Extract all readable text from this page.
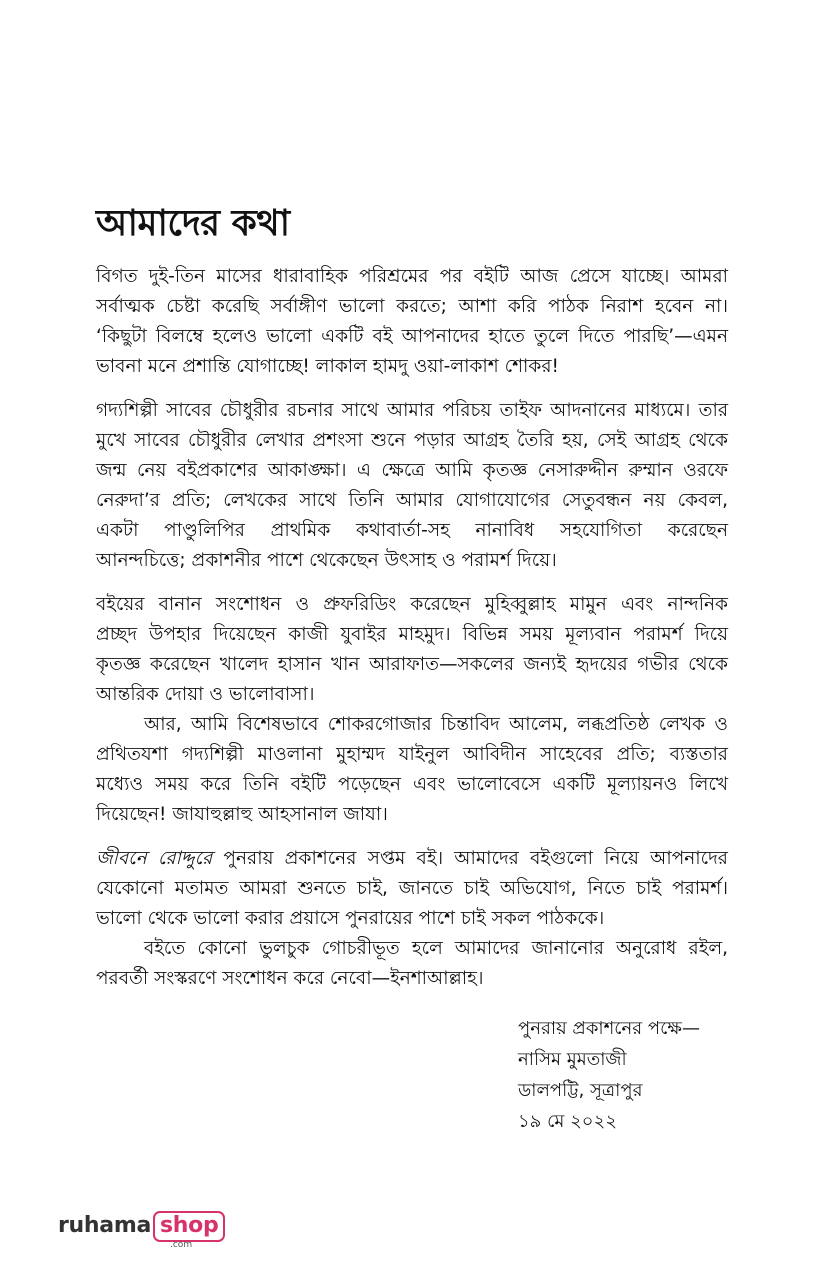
আমাদের কথা

বিগত দুই-তিন মাসের ধারাবাহিক পরিশ্রমের পর বইটি আজ প্রেসে যাচ্ছে। আমরা
সর্বাত্মক চেষ্টা করেছি সর্বাঙ্গীণ ভালো করতে; আশা করি পাঠক নিরাশ হবেন না।
‘কিছুটা বিলম্বে হলেও ভালো একটি বই আপনাদের হাতে তুলে দিতে পারছি’—এমন
ভাবনা মনে প্রশান্তি যোগাচ্ছে! লাকাল হামদু ওয়া-লাকাশ শোকর!

গদ্যশিল্পী সাবের চৌধুরীর রচনার সাথে আমার পরিচয় তাইফ আদনানের মাধ্যমে। তার
মুখে সাবের চৌধুরীর লেখার প্রশংসা শুনে পড়ার আগ্রহ তৈরি হয়, সেই আগ্রহ থেকে
জন্ম নেয় বইপ্রকাশের আকাঙ্ক্ষা। এ ক্ষেত্রে আমি কৃতজ্ঞ নেসারুদ্দীন রুম্মান ওরফে
নেরুদা’র প্রতি; লেখকের সাথে তিনি আমার যোগাযোগের সেতুবন্ধন নয় কেবল,
একটা পাণ্ডুলিপির প্রাথমিক কথাবার্তা-সহ নানাবিধ সহযোগিতা করেছেন
আনন্দচিত্তে; প্রকাশনীর পাশে থেকেছেন উৎসাহ ও পরামর্শ দিয়ে।

বইয়ের বানান সংশোধন ও প্রুফরিডিং করেছেন মুহিব্বুল্লাহ মামুন এবং নান্দনিক
প্রচ্ছদ উপহার দিয়েছেন কাজী যুবাইর মাহমুদ। বিভিন্ন সময় মূল্যবান পরামর্শ দিয়ে
কৃতজ্ঞ করেছেন খালেদ হাসান খান আরাফাত—সকলের জন্যই হৃদয়ের গভীর থেকে
আন্তরিক দোয়া ও ভালোবাসা।

আর, আমি বিশেষভাবে শোকরগোজার চিন্তাবিদ আলেম, লব্ধপ্রতিষ্ঠ লেখক ও
প্রথিতযশা গদ্যশিল্পী মাওলানা মুহাম্মদ যাইনুল আবিদীন সাহেবের প্রতি; ব্যস্ততার
মধ্যেও সময় করে তিনি বইটি পড়েছেন এবং ভালোবেসে একটি মূল্যায়নও লিখে
দিয়েছেন! জাযাহুল্লাহু আহসানাল জাযা।

জীবনে রোদ্দুরে পুনরায় প্রকাশনের সপ্তম বই। আমাদের বইগুলো নিয়ে আপনাদের
যেকোনো মতামত আমরা শুনতে চাই, জানতে চাই অভিযোগ, নিতে চাই পরামর্শ।
ভালো থেকে ভালো করার প্রয়াসে পুনরায়ের পাশে চাই সকল পাঠককে।

বইতে কোনো ভুলচুক গোচরীভূত হলে আমাদের জানানোর অনুরোধ রইল,
পরবর্তী সংস্করণে সংশোধন করে নেবো—ইনশাআল্লাহ।

পুনরায় প্রকাশনের পক্ষে—
নাসিম মুমতাজী
ডালপট্টি, সূত্রাপুর
১৯ মে ২০২২
ruhama shop
.com
